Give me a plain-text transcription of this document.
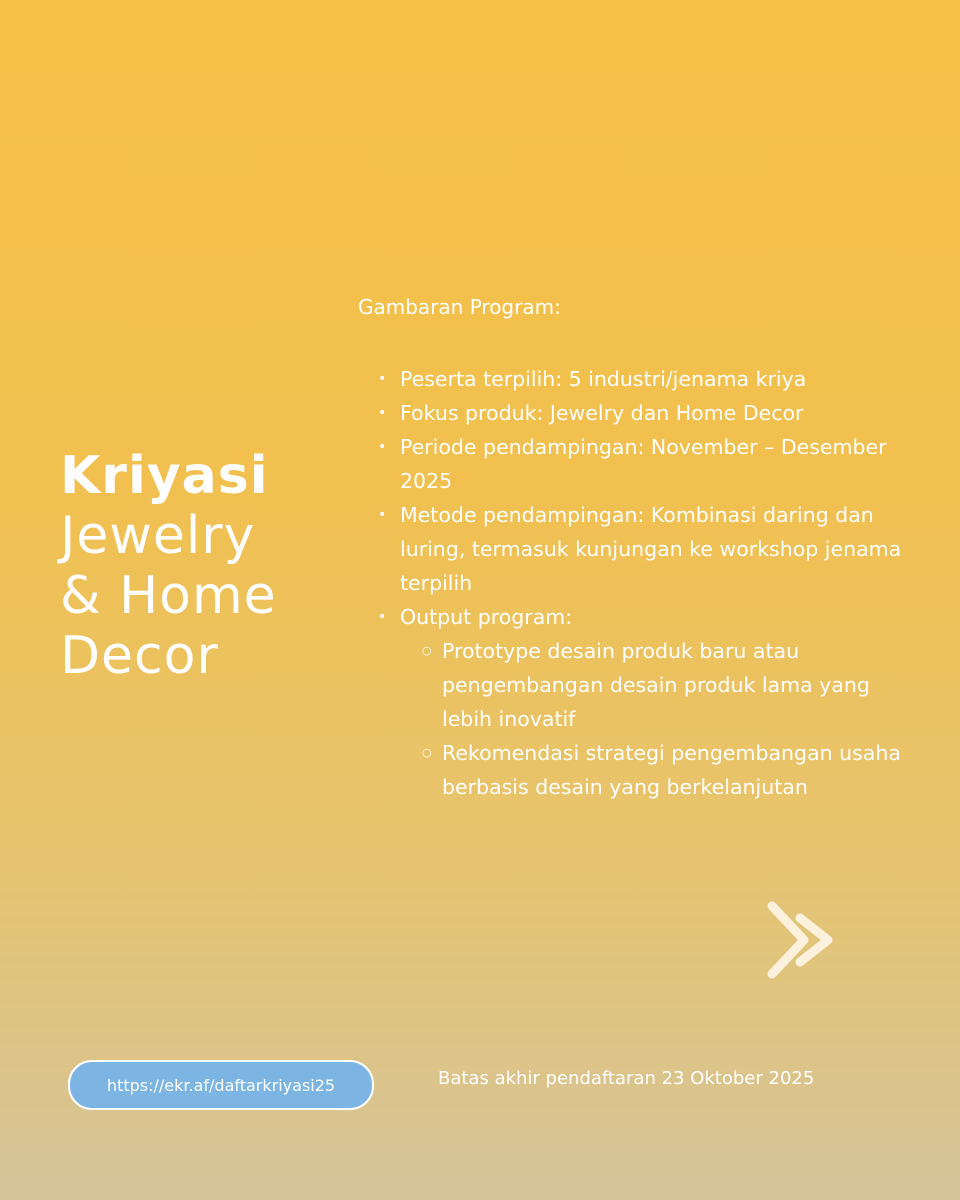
Kriyasi
Jewelry
& Home
Decor
Gambaran Program:
• Peserta terpilih: 5 industri/jenama kriya
• Fokus produk: Jewelry dan Home Decor
• Periode pendampingan: November – Desember 2025
• Metode pendampingan: Kombinasi daring dan luring, termasuk kunjungan ke workshop jenama terpilih
• Output program:
○ Prototype desain produk baru atau pengembangan desain produk lama yang lebih inovatif
○ Rekomendasi strategi pengembangan usaha berbasis desain yang berkelanjutan
https://ekr.af/daftarkriyasi25	Batas akhir pendaftaran 23 Oktober 2025
